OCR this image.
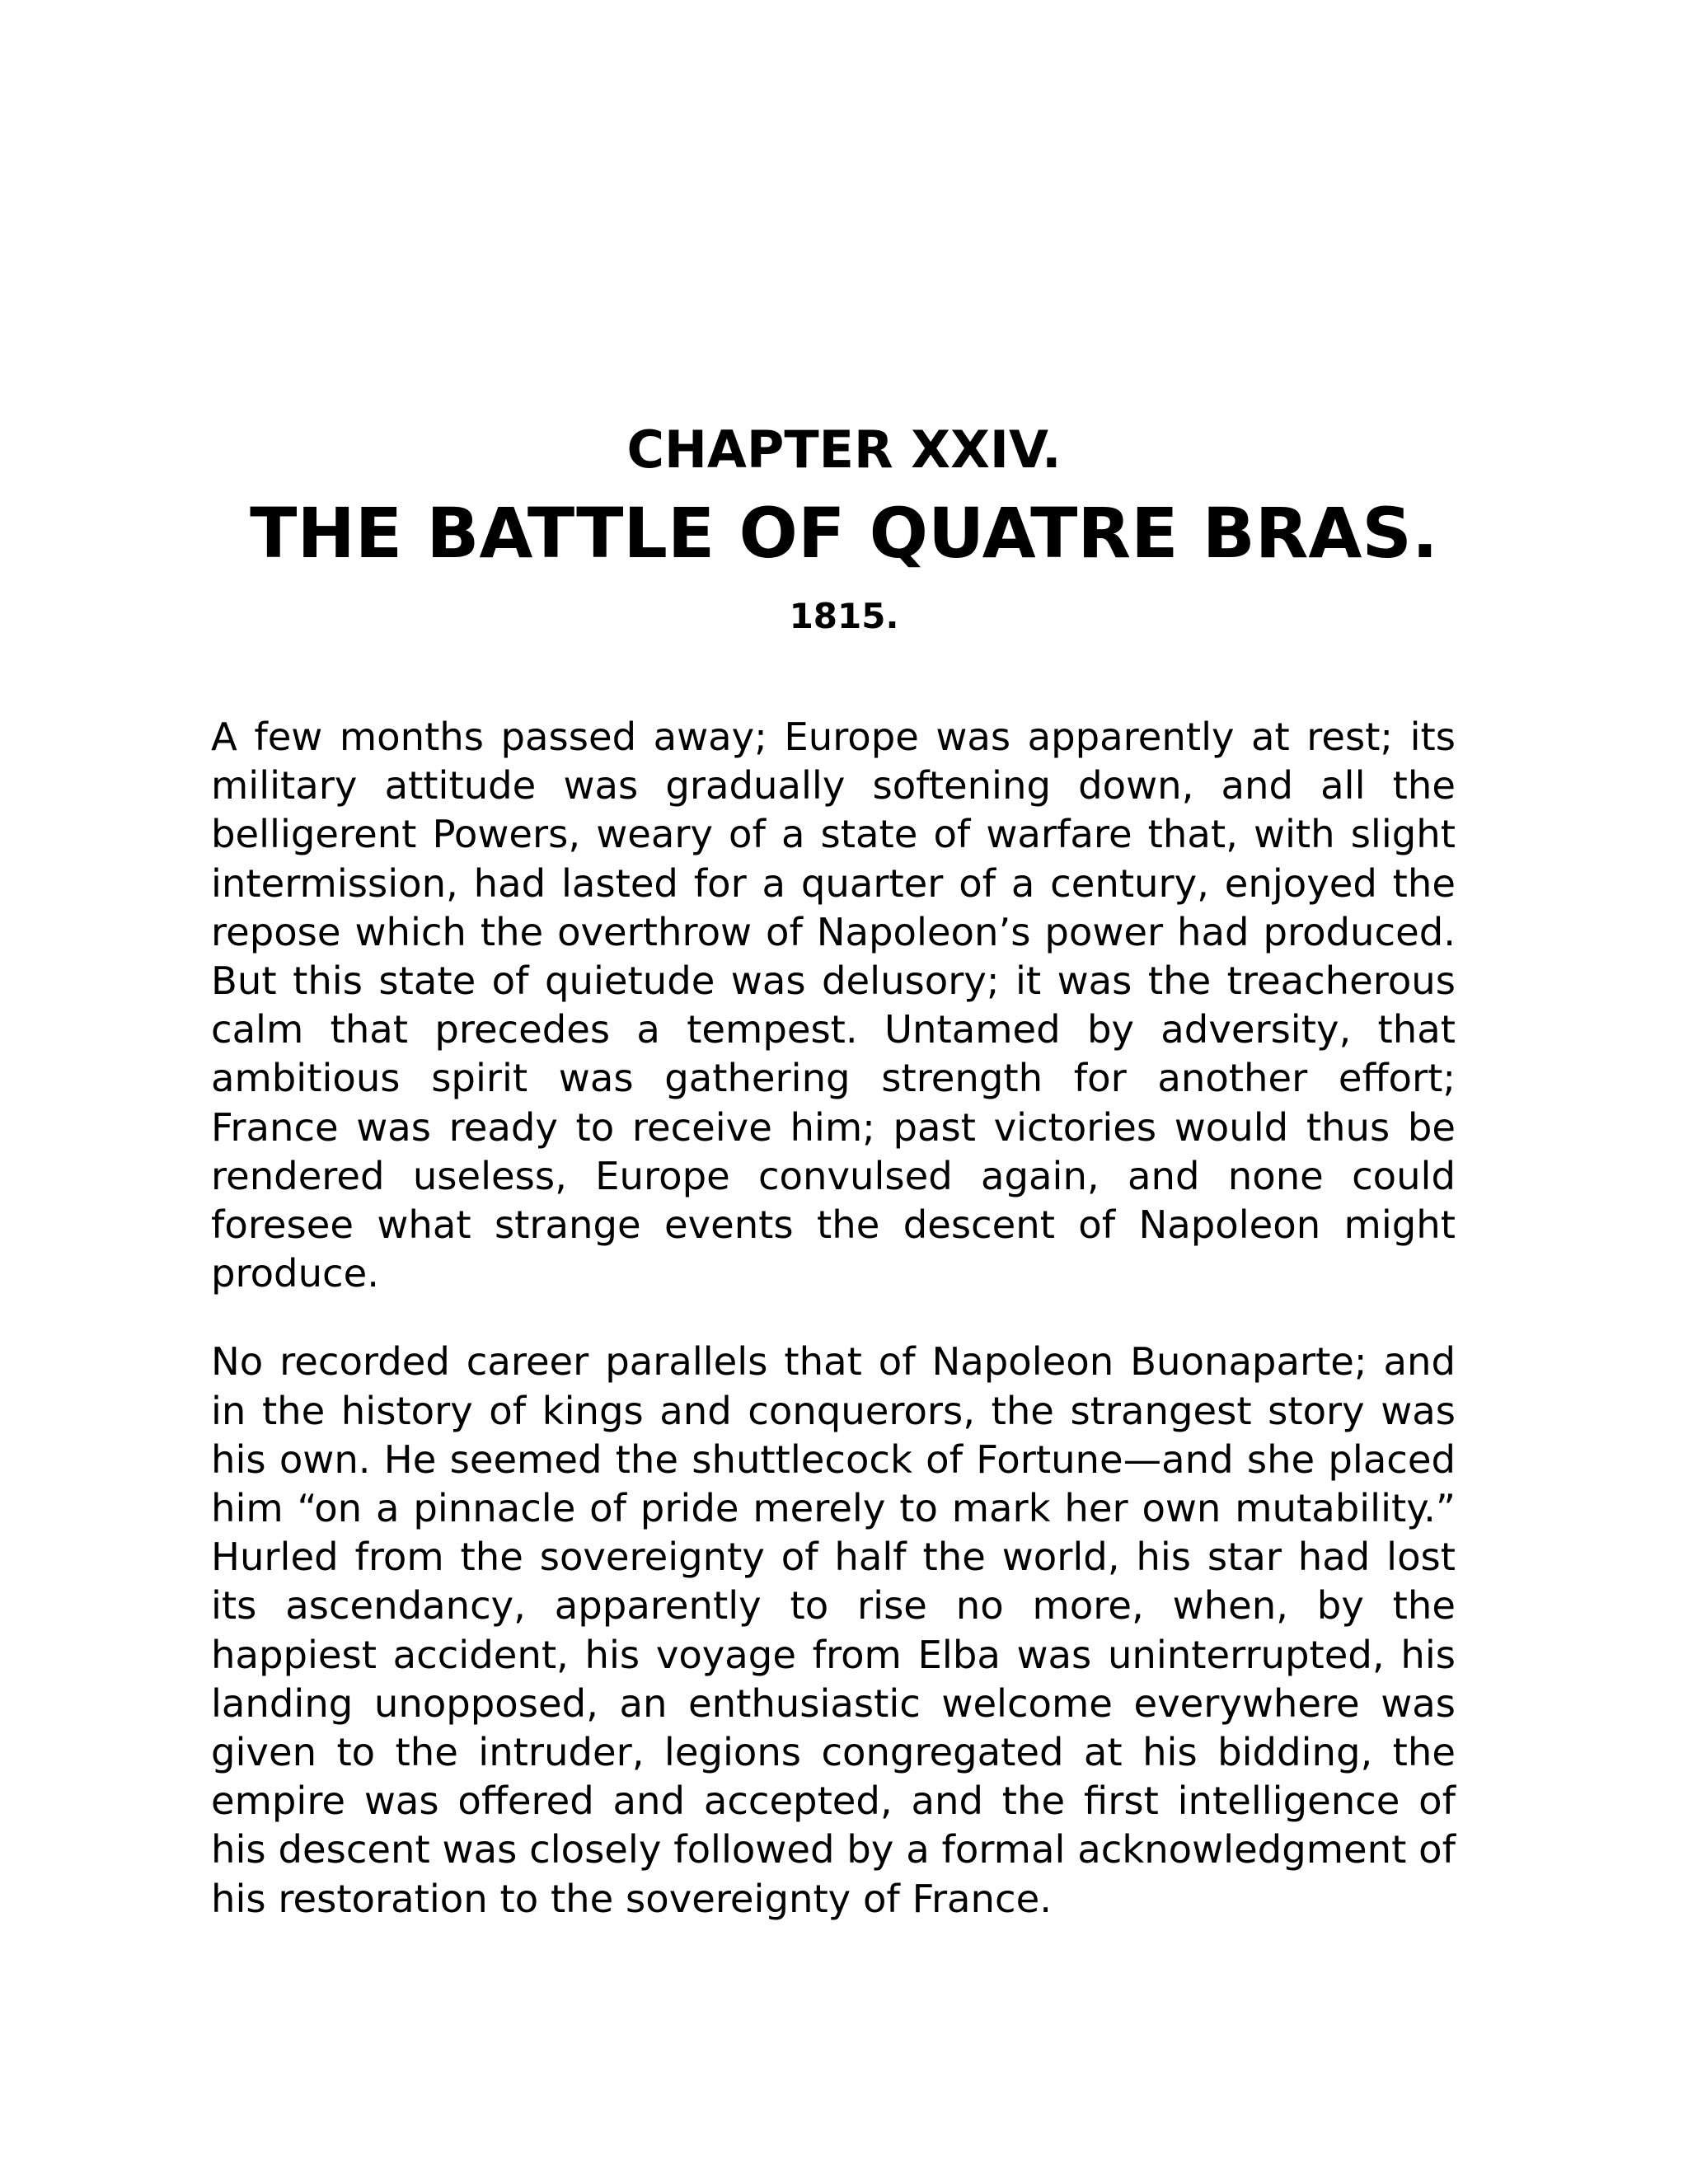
CHAPTER XXIV.
THE BATTLE OF QUATRE BRAS.
1815.

A few months passed away; Europe was apparently at rest; its military attitude was gradually softening down, and all the belligerent Powers, weary of a state of warfare that, with slight intermission, had lasted for a quarter of a century, enjoyed the repose which the overthrow of Napoleon’s power had produced. But this state of quietude was delusory; it was the treacherous calm that precedes a tempest. Untamed by adversity, that ambitious spirit was gathering strength for another effort; France was ready to receive him; past victories would thus be rendered useless, Europe convulsed again, and none could foresee what strange events the descent of Napoleon might produce.

No recorded career parallels that of Napoleon Buonaparte; and in the history of kings and conquerors, the strangest story was his own. He seemed the shuttlecock of Fortune—and she placed him “on a pinnacle of pride merely to mark her own mutability.” Hurled from the sovereignty of half the world, his star had lost its ascendancy, apparently to rise no more, when, by the happiest accident, his voyage from Elba was uninterrupted, his landing unopposed, an enthusiastic welcome everywhere was given to the intruder, legions congregated at his bidding, the empire was offered and accepted, and the first intelligence of his descent was closely followed by a formal acknowledgment of his restoration to the sovereignty of France.
